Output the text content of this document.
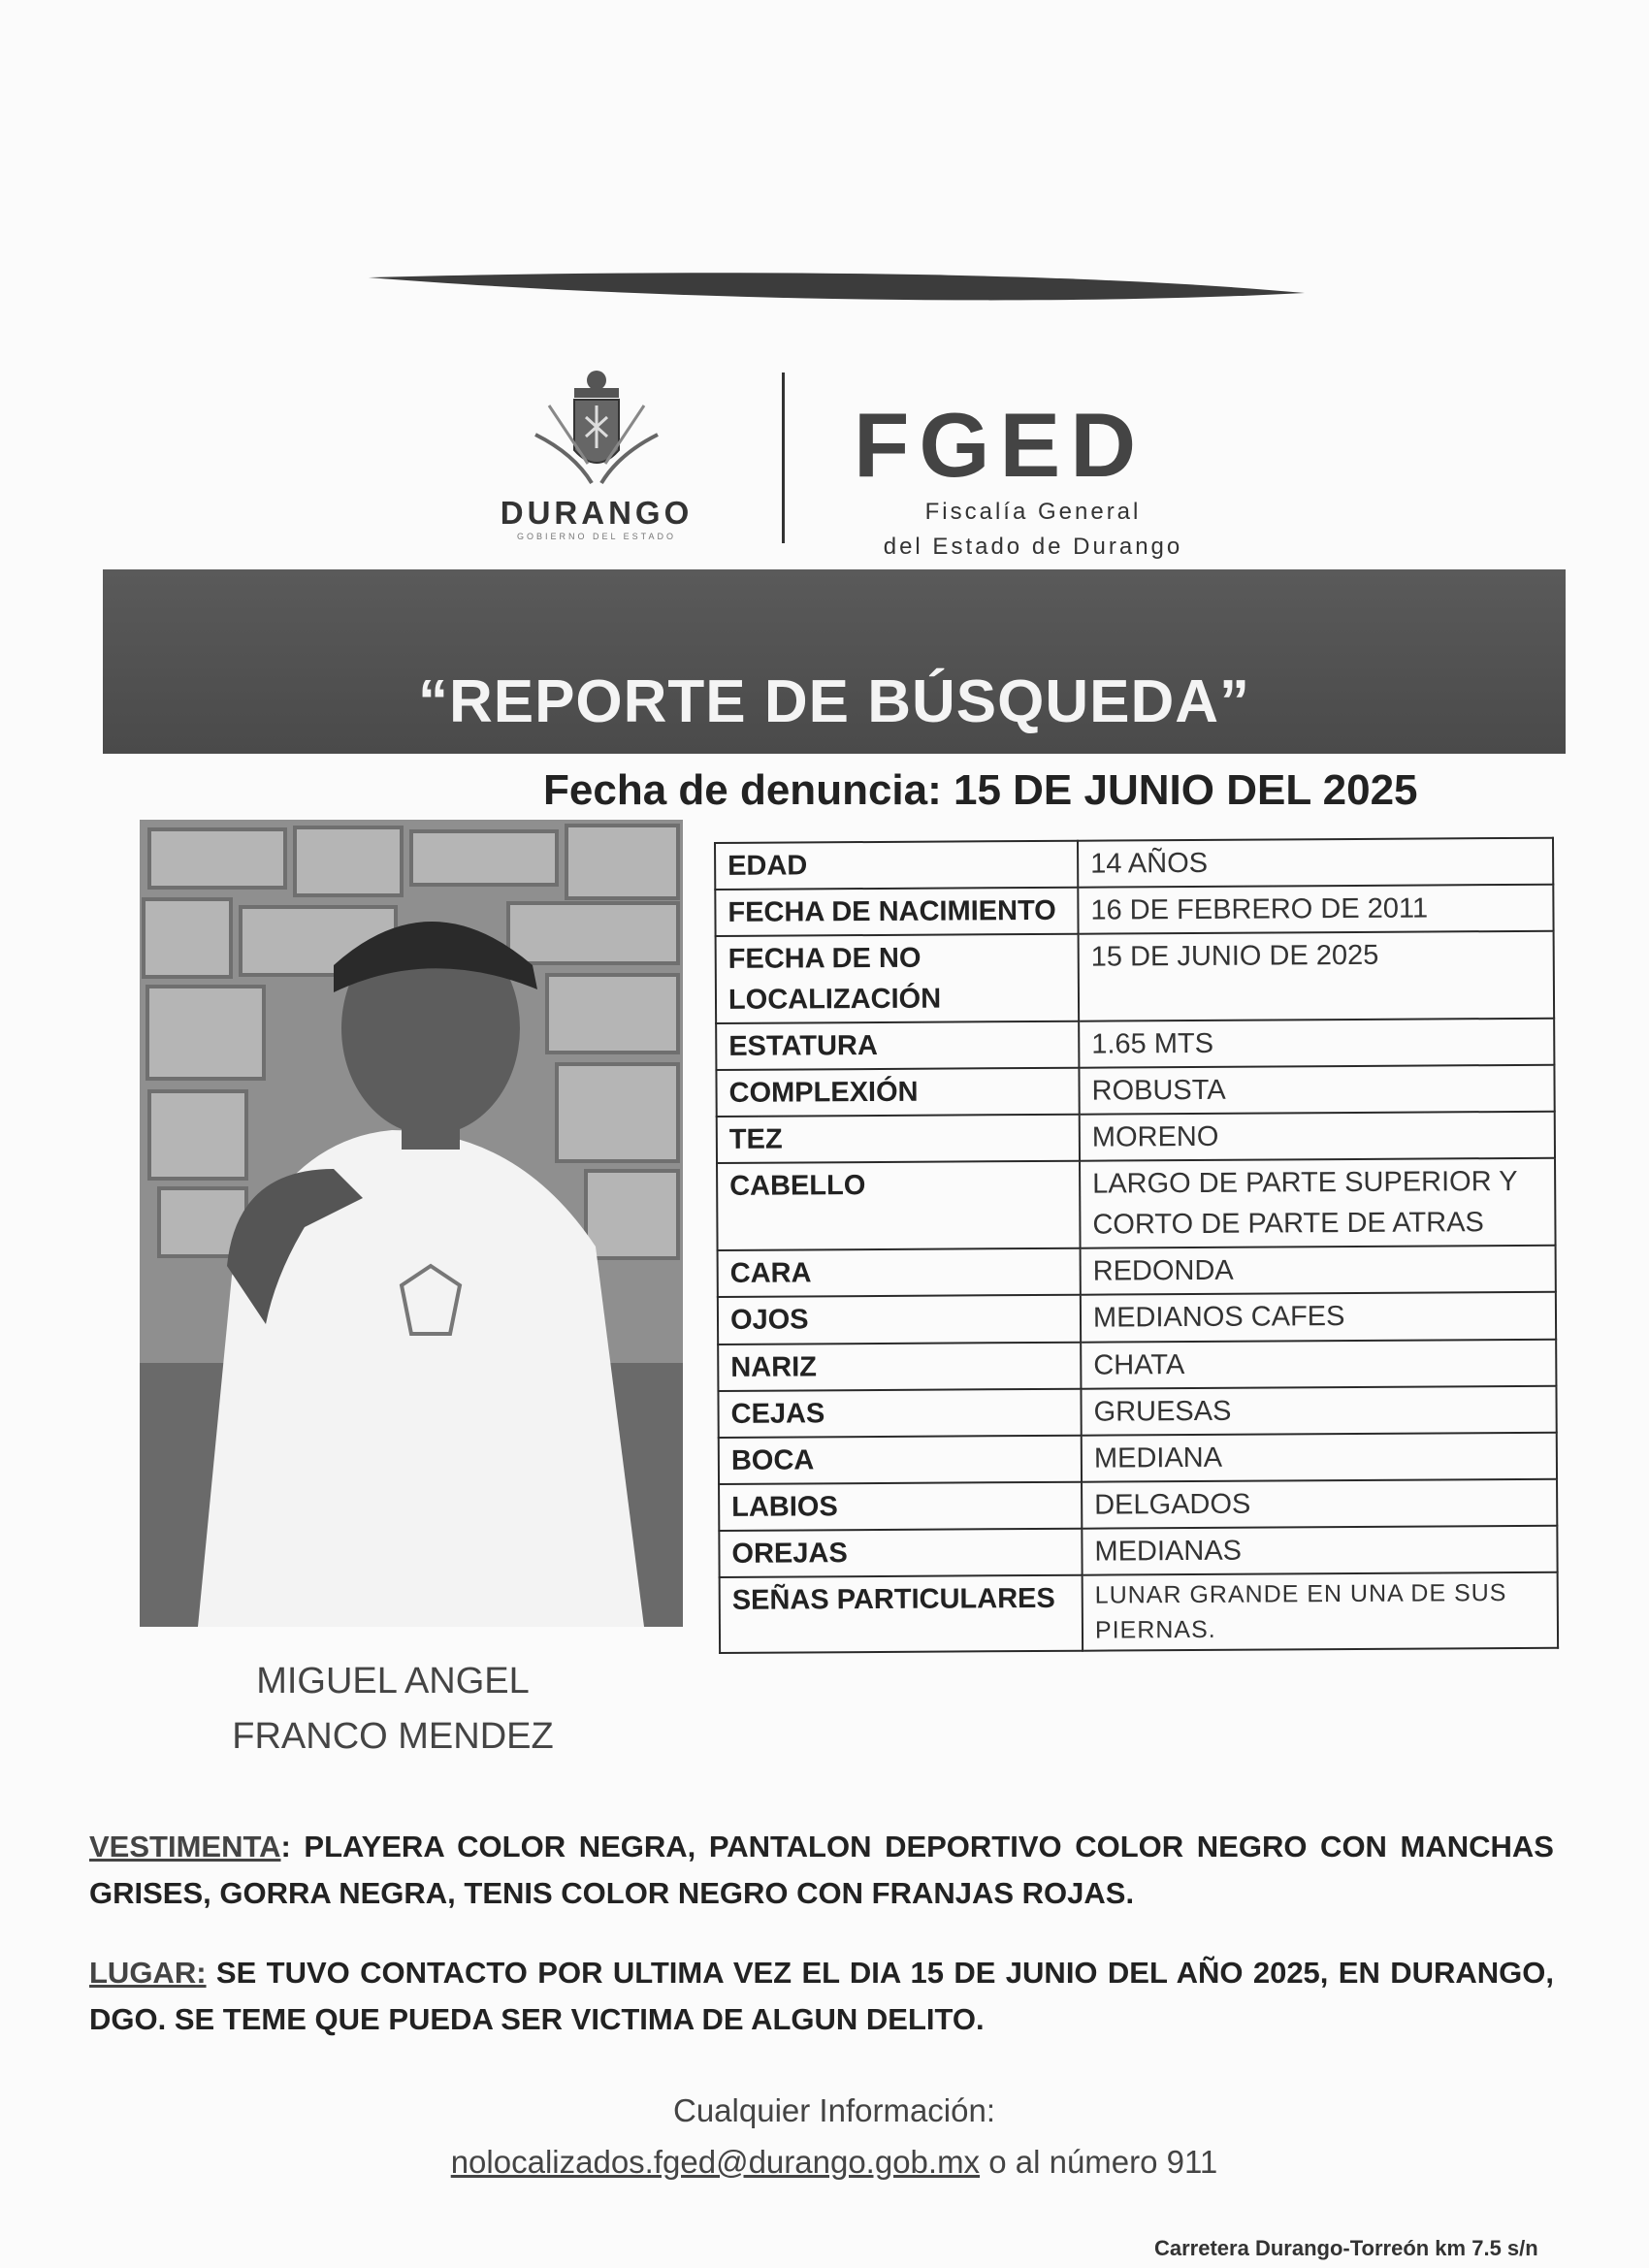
DURANGO
GOBIERNO DEL ESTADO
FGED
Fiscalía General
del Estado de Durango
“REPORTE DE BÚSQUEDA”
Fecha de denuncia: 15 DE JUNIO DEL 2025
MIGUEL ANGEL
FRANCO MENDEZ
EDAD	14 AÑOS
FECHA DE NACIMIENTO	16 DE FEBRERO DE 2011
FECHA DE NO LOCALIZACIÓN	15 DE JUNIO DE 2025
ESTATURA	1.65 MTS
COMPLEXIÓN	ROBUSTA
TEZ	MORENO
CABELLO	LARGO DE PARTE SUPERIOR Y CORTO DE PARTE DE ATRAS
CARA	REDONDA
OJOS	MEDIANOS CAFES
NARIZ	CHATA
CEJAS	GRUESAS
BOCA	MEDIANA
LABIOS	DELGADOS
OREJAS	MEDIANAS
SEÑAS PARTICULARES	LUNAR GRANDE EN UNA DE SUS PIERNAS.
VESTIMENTA: PLAYERA COLOR NEGRA, PANTALON DEPORTIVO COLOR NEGRO CON MANCHAS GRISES, GORRA NEGRA, TENIS COLOR NEGRO CON FRANJAS ROJAS.
LUGAR: SE TUVO CONTACTO POR ULTIMA VEZ EL DIA 15 DE JUNIO DEL AÑO 2025, EN DURANGO, DGO. SE TEME QUE PUEDA SER VICTIMA DE ALGUN DELITO.
Cualquier Información:
nolocalizados.fged@durango.gob.mx o al número 911
Carretera Durango-Torreón km 7.5 s/n
